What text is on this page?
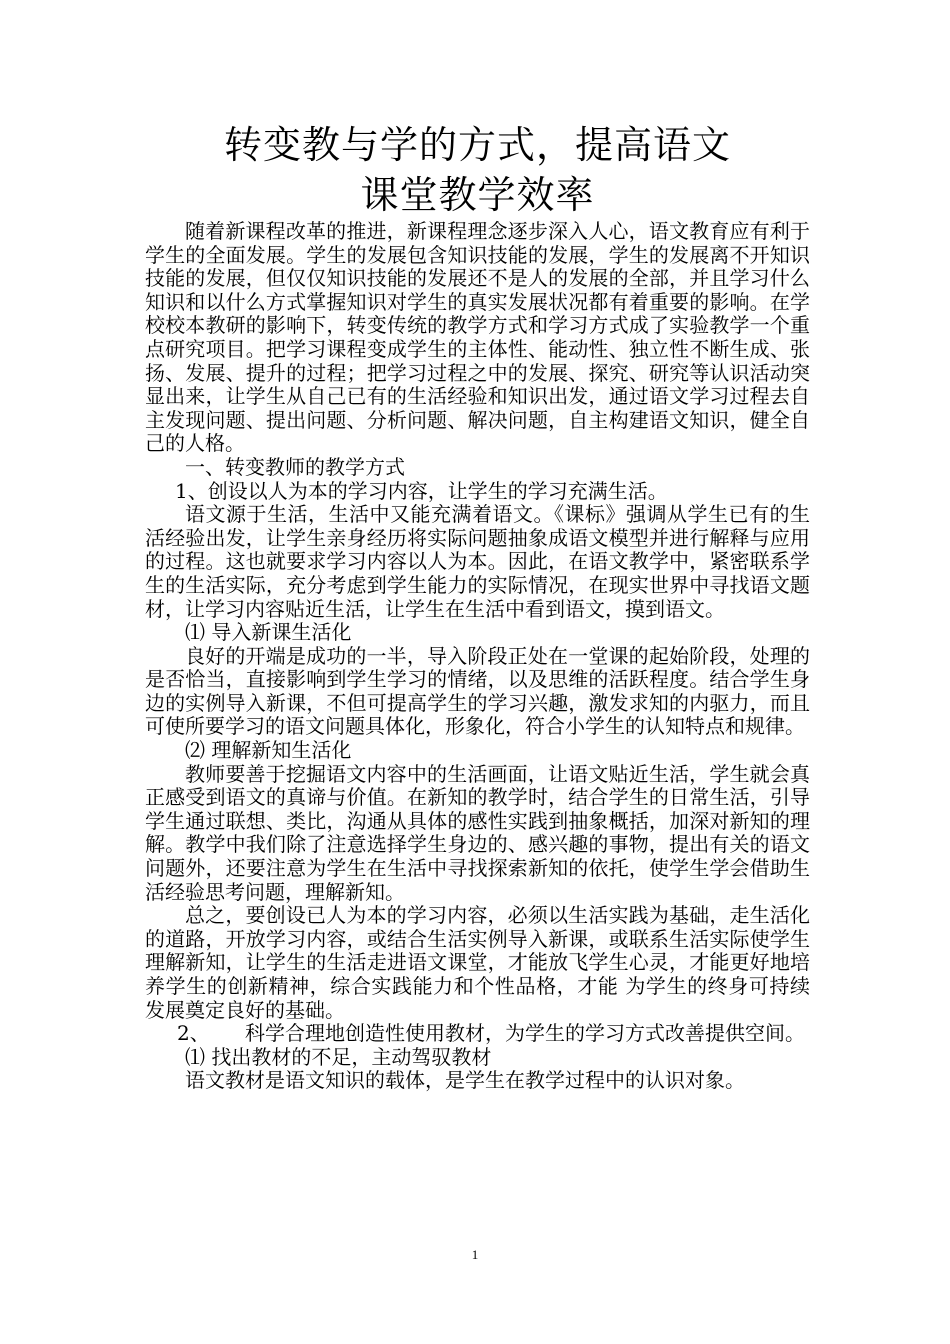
转变教与学的方式，提高语文
课堂教学效率

随着新课程改革的推进，新课程理念逐步深入人心，语文教育应有利于学生的全面发展。学生的发展包含知识技能的发展，学生的发展离不开知识技能的发展，但仅仅知识技能的发展还不是人的发展的全部，并且学习什么知识和以什么方式掌握知识对学生的真实发展状况都有着重要的影响。在学校校本教研的影响下，转变传统的教学方式和学习方式成了实验教学一个重点研究项目。把学习课程变成学生的主体性、能动性、独立性不断生成、张扬、发展、提升的过程；把学习过程之中的发展、探究、研究等认识活动突显出来，让学生从自己已有的生活经验和知识出发，通过语文学习过程去自主发现问题、提出问题、分析问题、解决问题，自主构建语文知识，健全自己的人格。

一、转变教师的教学方式

1、创设以人为本的学习内容，让学生的学习充满生活。

语文源于生活，生活中又能充满着语文。《课标》强调从学生已有的生活经验出发，让学生亲身经历将实际问题抽象成语文模型并进行解释与应用的过程。这也就要求学习内容以人为本。因此，在语文教学中，紧密联系学生的生活实际，充分考虑到学生能力的实际情况，在现实世界中寻找语文题材，让学习内容贴近生活，让学生在生活中看到语文，摸到语文。

⑴ 导入新课生活化

良好的开端是成功的一半，导入阶段正处在一堂课的起始阶段，处理的是否恰当，直接影响到学生学习的情绪，以及思维的活跃程度。结合学生身边的实例导入新课，不但可提高学生的学习兴趣，激发求知的内驱力，而且可使所要学习的语文问题具体化，形象化，符合小学生的认知特点和规律。

⑵ 理解新知生活化

教师要善于挖掘语文内容中的生活画面，让语文贴近生活，学生就会真正感受到语文的真谛与价值。在新知的教学时，结合学生的日常生活，引导学生通过联想、类比，沟通从具体的感性实践到抽象概括，加深对新知的理解。教学中我们除了注意选择学生身边的、感兴趣的事物，提出有关的语文问题外，还要注意为学生在生活中寻找探索新知的依托，使学生学会借助生活经验思考问题，理解新知。

总之，要创设已人为本的学习内容，必须以生活实践为基础，走生活化的道路，开放学习内容，或结合生活实例导入新课，或联系生活实际使学生理解新知，让学生的生活走进语文课堂，才能放飞学生心灵，才能更好地培养学生的创新精神，综合实践能力和个性品格，才能 为学生的终身可持续发展奠定良好的基础。

2、	科学合理地创造性使用教材，为学生的学习方式改善提供空间。

⑴ 找出教材的不足，主动驾驭教材

语文教材是语文知识的载体，是学生在教学过程中的认识对象。

1
